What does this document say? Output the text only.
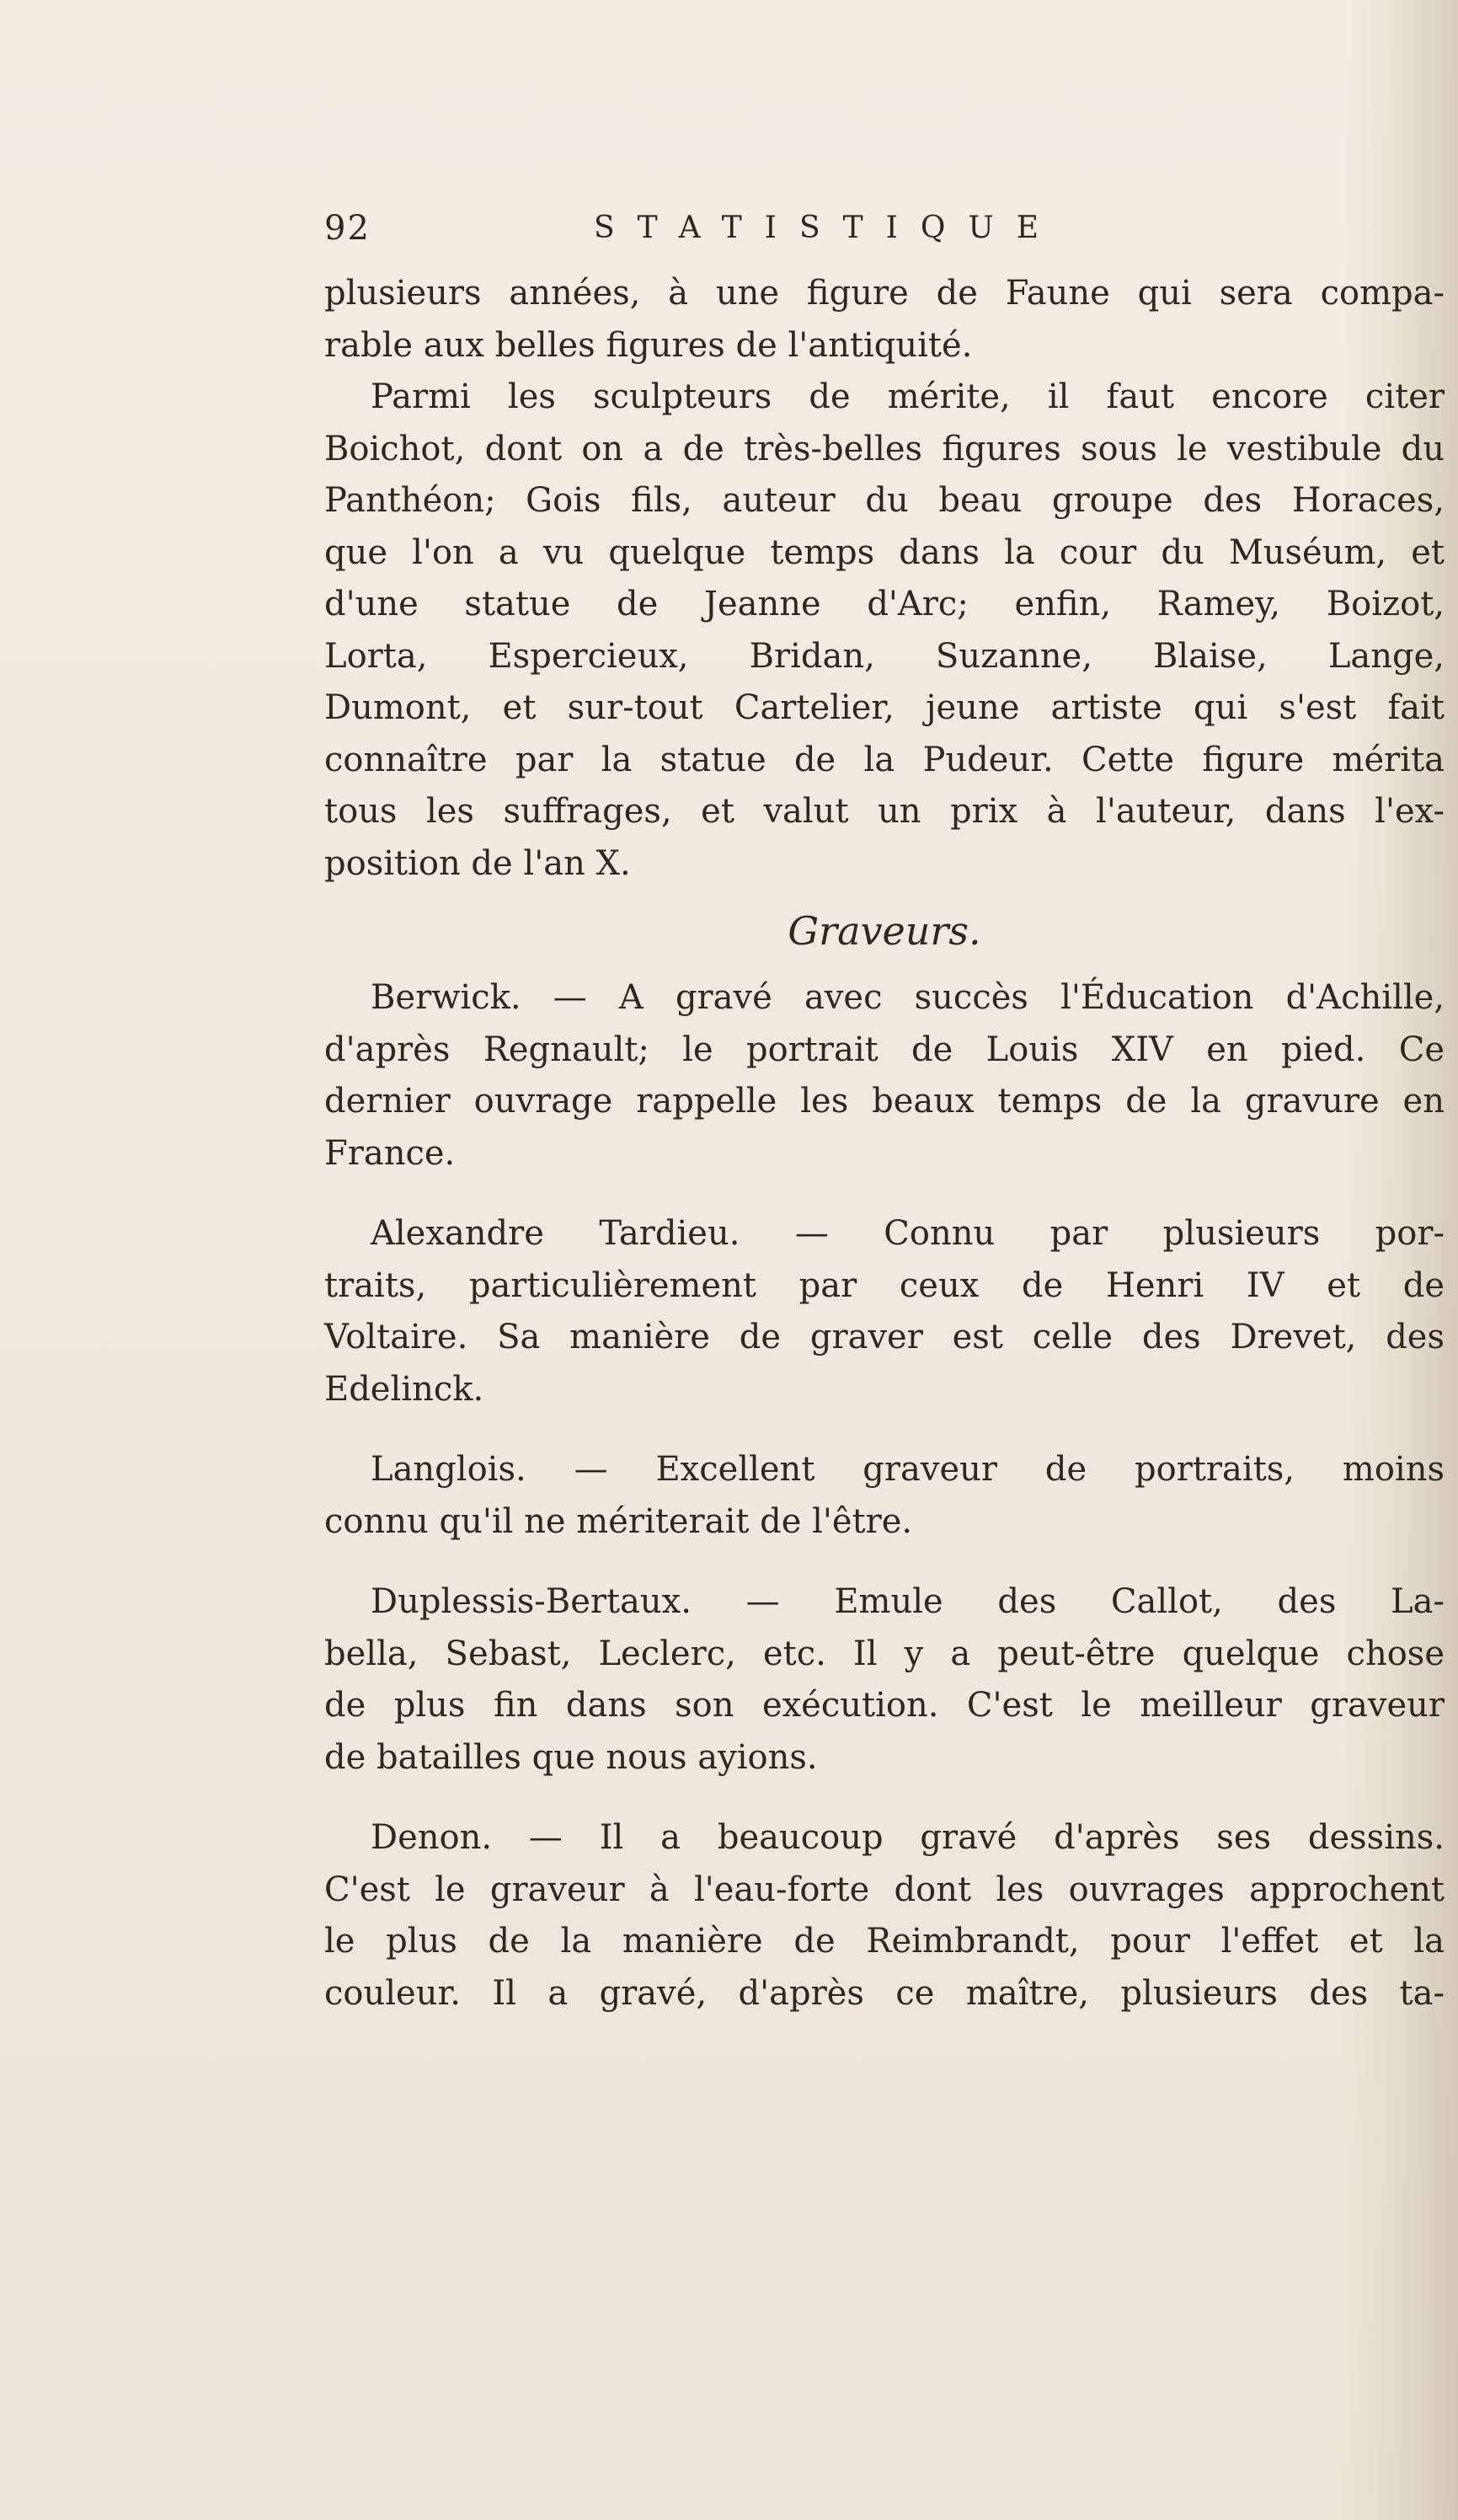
92	STATISTIQUE
plusieurs années, à une figure de Faune qui sera compa-
rable aux belles figures de l'antiquité.
Parmi les sculpteurs de mérite, il faut encore citer
Boichot, dont on a de très-belles figures sous le vestibule du
Panthéon; Gois fils, auteur du beau groupe des Horaces,
que l'on a vu quelque temps dans la cour du Muséum, et
d'une statue de Jeanne d'Arc; enfin, Ramey, Boizot,
Lorta, Espercieux, Bridan, Suzanne, Blaise, Lange,
Dumont, et sur-tout Cartelier, jeune artiste qui s'est fait
connaître par la statue de la Pudeur. Cette figure mérita
tous les suffrages, et valut un prix à l'auteur, dans l'ex-
position de l'an X.
Graveurs.
Berwick. — A gravé avec succès l'Éducation d'Achille,
d'après Regnault; le portrait de Louis XIV en pied. Ce
dernier ouvrage rappelle les beaux temps de la gravure en
France.
Alexandre Tardieu. — Connu par plusieurs por-
traits, particulièrement par ceux de Henri IV et de
Voltaire. Sa manière de graver est celle des Drevet, des
Edelinck.
Langlois. — Excellent graveur de portraits, moins
connu qu'il ne mériterait de l'être.
Duplessis-Bertaux. — Emule des Callot, des La-
bella, Sebast, Leclerc, etc. Il y a peut-être quelque chose
de plus fin dans son exécution. C'est le meilleur graveur
de batailles que nous ayions.
Denon. — Il a beaucoup gravé d'après ses dessins.
C'est le graveur à l'eau-forte dont les ouvrages approchent
le plus de la manière de Reimbrandt, pour l'effet et la
couleur. Il a gravé, d'après ce maître, plusieurs des ta-
